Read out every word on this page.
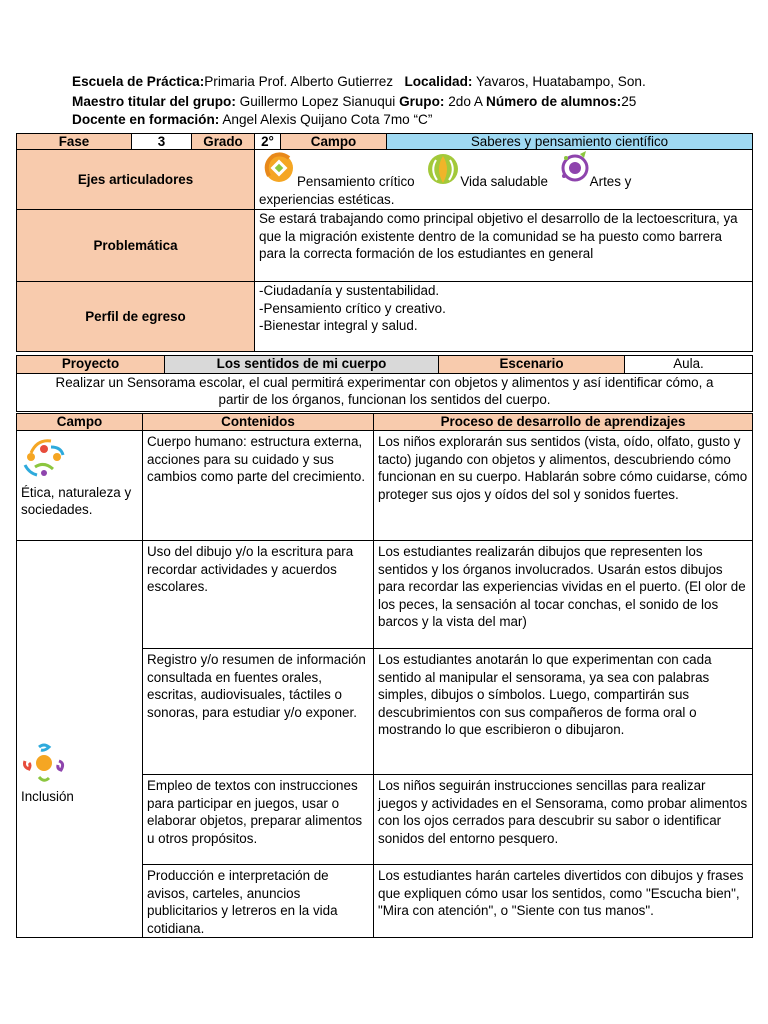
Escuela de Práctica:Primaria Prof. Alberto Gutierrez Localidad: Yavaros, Huatabampo, Son.
Maestro titular del grupo: Guillermo Lopez Sianuqui Grupo: 2do A Número de alumnos:25
Docente en formación: Angel Alexis Quijano Cota 7mo “C”
Fase	3	Grado	2°	Campo	Saberes y pensamiento científico
Ejes articuladores			Pensamiento crítico Vida saludable Artes y
experiencias estéticas.		
Problemática			Se estará trabajando como principal objetivo el desarrollo de la lectoescritura, ya que la migración existente dentro de la comunidad se ha puesto como barrera para la correcta formación de los estudiantes en general		
Perfil de egreso			-Ciudadanía y sustentabilidad.
-Pensamiento crítico y creativo.
-Bienestar integral y salud.		
Proyecto	Los sentidos de mi cuerpo	Escenario	Aula.
Realizar un Sensorama escolar, el cual permitirá experimentar con objetos y alimentos y así identificar cómo, a partir de los órganos, funcionan los sentidos del cuerpo.
Campo	Contenidos	Proceso de desarrollo de aprendizajes

Ética, naturaleza y sociedades.	Cuerpo humano: estructura externa, acciones para su cuidado y sus cambios como parte del crecimiento.	Los niños explorarán sus sentidos (vista, oído, olfato, gusto y tacto) jugando con objetos y alimentos, descubriendo cómo funcionan en su cuerpo. Hablarán sobre cómo cuidarse, cómo proteger sus ojos y oídos del sol y sonidos fuertes.

Inclusión	Uso del dibujo y/o la escritura para recordar actividades y acuerdos escolares.	Los estudiantes realizarán dibujos que representen los sentidos y los órganos involucrados. Usarán estos dibujos para recordar las experiencias vividas en el puerto. (El olor de los peces, la sensación al tocar conchas, el sonido de los barcos y la vista del mar)
	Registro y/o resumen de información consultada en fuentes orales, escritas, audiovisuales, táctiles o sonoras, para estudiar y/o exponer.	Los estudiantes anotarán lo que experimentan con cada sentido al manipular el sensorama, ya sea con palabras simples, dibujos o símbolos. Luego, compartirán sus descubrimientos con sus compañeros de forma oral o mostrando lo que escribieron o dibujaron.
	Empleo de textos con instrucciones para participar en juegos, usar o elaborar objetos, preparar alimentos u otros propósitos.	Los niños seguirán instrucciones sencillas para realizar juegos y actividades en el Sensorama, como probar alimentos con los ojos cerrados para descubrir su sabor o identificar sonidos del entorno pesquero.
	Producción e interpretación de avisos, carteles, anuncios publicitarios y letreros en la vida cotidiana.	Los estudiantes harán carteles divertidos con dibujos y frases que expliquen cómo usar los sentidos, como "Escucha bien", "Mira con atención", o "Siente con tus manos".
